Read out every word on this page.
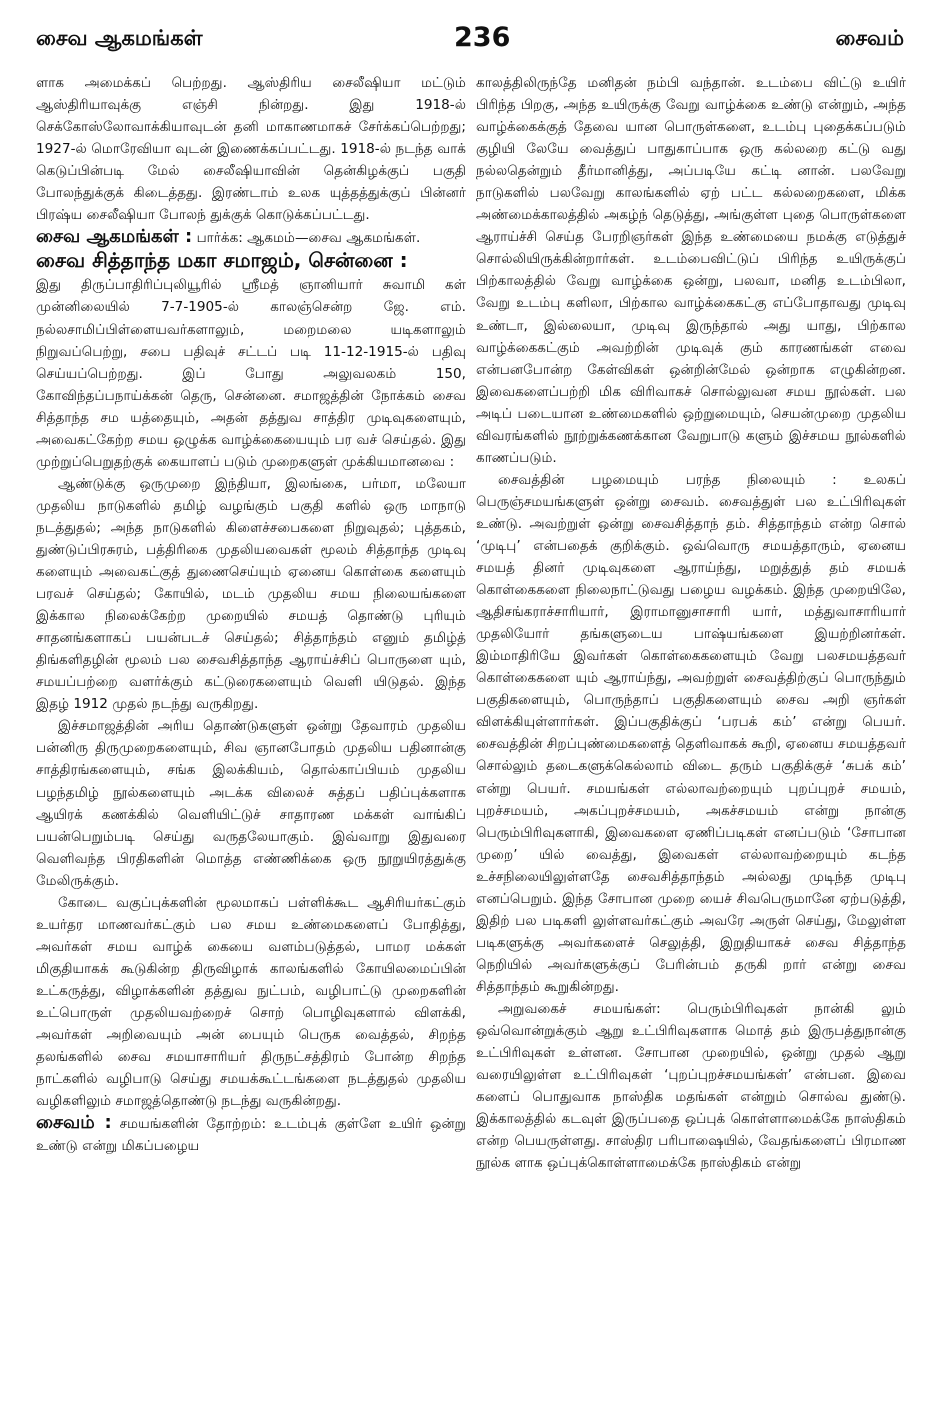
சைவ ஆகமங்கள்	236	சைவம்

ளாக அமைக்கப் பெற்றது. ஆஸ்திரிய சைலீஷியா மட்டும் ஆஸ்திரியாவுக்கு எஞ்சி நின்றது. இது 1918-ல் செக்கோஸ்லோவாக்கியாவுடன் தனி மாகாணமாகச் சேர்க்கப்பெற்றது; 1927-ல் மொரேவியா வுடன் இணைக்கப்பட்டது. 1918-ல் நடந்த வாக் கெடுப்பின்படி மேல் சைலீஷியாவின் தென்கிழக்குப் பகுதி போலந்துக்குக் கிடைத்தது. இரண்டாம் உலக யுத்தத்துக்குப் பின்னர் பிரஷ்ய சைலீஷியா போலந் துக்குக் கொடுக்கப்பட்டது.

சைவ ஆகமங்கள் : பார்க்க: ஆகமம்—சைவ ஆகமங்கள்.

சைவ சித்தாந்த மகா சமாஜம், சென்னை :

இது திருப்பாதிரிப்புலியூரில் ஸ்ரீமத் ஞானியார் சுவாமி கள் முன்னிலையில் 7-7-1905-ல் காலஞ்சென்ற ஜே. எம். நல்லசாமிப்பிள்ளையவர்களாலும், மறைமலை யடிகளாலும் நிறுவப்பெற்று, சபை பதிவுச் சட்டப் படி 11-12-1915-ல் பதிவு செய்யப்பெற்றது. இப் போது அலுவலகம் 150, கோவிந்தப்பநாய்க்கன் தெரு, சென்னை. சமாஜத்தின் நோக்கம் சைவ சித்தாந்த சம யத்தையும், அதன் தத்துவ சாத்திர முடிவுகளையும், அவைகட்கேற்ற சமய ஒழுக்க வாழ்க்கையையும் பர வச் செய்தல். இது முற்றுப்பெறுதற்குக் கையாளப் படும் முறைகளுள் முக்கியமானவை :

ஆண்டுக்கு ஒருமுறை இந்தியா, இலங்கை, பர்மா, மலேயா முதலிய நாடுகளில் தமிழ் வழங்கும் பகுதி களில் ஒரு மாநாடு நடத்துதல்; அந்த நாடுகளில் கிளைச்சபைகளை நிறுவுதல்; புத்தகம், துண்டுப்பிரசுரம், பத்திரிகை முதலியவைகள் மூலம் சித்தாந்த முடிவு களையும் அவைகட்குத் துணைசெய்யும் ஏனைய கொள்கை களையும் பரவச் செய்தல்; கோயில், மடம் முதலிய சமய நிலையங்களை இக்கால நிலைக்கேற்ற முறையில் சமயத் தொண்டு புரியும் சாதனங்களாகப் பயன்படச் செய்தல்; சித்தாந்தம் எனும் தமிழ்த் திங்களிதழின் மூலம் பல சைவசித்தாந்த ஆராய்ச்சிப் பொருளை யும், சமயப்பற்றை வளர்க்கும் கட்டுரைகளையும் வெளி யிடுதல். இந்த இதழ் 1912 முதல் நடந்து வருகிறது.

இச்சமாஜத்தின் அரிய தொண்டுகளுள் ஒன்று தேவாரம் முதலிய பன்னிரு திருமுறைகளையும், சிவ ஞானபோதம் முதலிய பதினான்கு சாத்திரங்களையும், சங்க இலக்கியம், தொல்காப்பியம் முதலிய பழந்தமிழ் நூல்களையும் அடக்க விலைச் சுத்தப் பதிப்புக்களாக ஆயிரக் கணக்கில் வெளியிட்டுச் சாதாரண மக்கள் வாங்கிப் பயன்பெறும்படி செய்து வருதலேயாகும். இவ்வாறு இதுவரை வெளிவந்த பிரதிகளின் மொத்த எண்ணிக்கை ஒரு நூறுயிரத்துக்கு மேலிருக்கும்.

கோடை வகுப்புக்களின் மூலமாகப் பள்ளிக்கூட ஆசிரியர்கட்கும் உயர்தர மாணவர்கட்கும் பல சமய உண்மைகளைப் போதித்து, அவர்கள் சமய வாழ்க் கையை வளம்படுத்தல், பாமர மக்கள் மிகுதியாகக் கூடுகின்ற திருவிழாக் காலங்களில் கோயிலமைப்பின் உட்கருத்து, விழாக்களின் தத்துவ நுட்பம், வழிபாட்டு முறைகளின் உட்பொருள் முதலியவற்றைச் சொற் பொழிவுகளால் விளக்கி, அவர்கள் அறிவையும் அன் பையும் பெருக வைத்தல், சிறந்த தலங்களில் சைவ சமயாசாரியர் திருநட்சத்திரம் போன்ற சிறந்த நாட்களில் வழிபாடு செய்து சமயக்கூட்டங்களை நடத்துதல் முதலிய வழிகளிலும் சமாஜத்தொண்டு நடந்து வருகின்றது.

சைவம் : சமயங்களின் தோற்றம்: உடம்புக் குள்ளே உயிர் ஒன்று உண்டு என்று மிகப்பழைய

காலத்திலிருந்தே மனிதன் நம்பி வந்தான். உடம்பை விட்டு உயிர் பிரிந்த பிறகு, அந்த உயிருக்கு வேறு வாழ்க்கை உண்டு என்றும், அந்த வாழ்க்கைக்குத் தேவை யான பொருள்களை, உடம்பு புதைக்கப்படும் குழியி லேயே வைத்துப் பாதுகாப்பாக ஒரு கல்லறை கட்டு வது நல்லதென்றும் தீர்மானித்து, அப்படியே கட்டி னான். பலவேறு நாடுகளில் பலவேறு காலங்களில் ஏற் பட்ட கல்லறைகளை, மிக்க அண்மைக்காலத்தில் அகழ்ந் தெடுத்து, அங்குள்ள புதை பொருள்களை ஆராய்ச்சி செய்த பேரறிஞர்கள் இந்த உண்மையை நமக்கு எடுத்துச் சொல்லியிருக்கின்றார்கள். உடம்பைவிட்டுப் பிரிந்த உயிருக்குப் பிற்காலத்தில் வேறு வாழ்க்கை ஒன்று, பலவா, மனித உடம்பிலா, வேறு உடம்பு களிலா, பிற்கால வாழ்க்கைகட்கு எப்போதாவது முடிவு உண்டா, இல்லையா, முடிவு இருந்தால் அது யாது, பிற்கால வாழ்க்கைகட்கும் அவற்றின் முடிவுக் கும் காரணங்கள் எவை என்பனபோன்ற கேள்விகள் ஒன்றின்மேல் ஒன்றாக எழுகின்றன. இவைகளைப்பற்றி மிக விரிவாகச் சொல்லுவன சமய நூல்கள். பல அடிப் படையான உண்மைகளில் ஒற்றுமையும், செயன்முறை முதலிய விவரங்களில் நூற்றுக்கணக்கான வேறுபாடு களும் இச்சமய நூல்களில் காணப்படும்.

சைவத்தின் பழமையும் பரந்த நிலையும் : உலகப் பெருஞ்சமயங்களுள் ஒன்று சைவம். சைவத்துள் பல உட்பிரிவுகள் உண்டு. அவற்றுள் ஒன்று சைவசித்தாந் தம். சித்தாந்தம் என்ற சொல் ‘முடிபு’ என்பதைக் குறிக்கும். ஒவ்வொரு சமயத்தாரும், ஏனைய சமயத் தினர் முடிவுகளை ஆராய்ந்து, மறுத்துத் தம் சமயக் கொள்கைகளை நிலைநாட்டுவது பழைய வழக்கம். இந்த முறையிலே, ஆதிசங்கராச்சாரியார், இராமானுசாசாரி யார், மத்துவாசாரியார் முதலியோர் தங்களுடைய பாஷ்யங்களை இயற்றினர்கள். இம்மாதிரியே இவர்கள் கொள்கைகளையும் வேறு பலசமயத்தவர் கொள்கைகளை யும் ஆராய்ந்து, அவற்றுள் சைவத்திற்குப் பொருந்தும் பகுதிகளையும், பொருந்தாப் பகுதிகளையும் சைவ அறி ஞர்கள் விளக்கியுள்ளார்கள். இப்பகுதிக்குப் ‘பரபக் கம்’ என்று பெயர். சைவத்தின் சிறப்புண்மைகளைத் தெளிவாகக் கூறி, ஏனைய சமயத்தவர் சொல்லும் தடைகளுக்கெல்லாம் விடை தரும் பகுதிக்குச் ‘சுபக் கம்’ என்று பெயர். சமயங்கள் எல்லாவற்றையும் புறப்புறச் சமயம், புறச்சமயம், அகப்புறச்சமயம், அகச்சமயம் என்று நான்கு பெரும்பிரிவுகளாகி, இவைகளை ஏணிப்படிகள் எனப்படும் ‘சோபான முறை’ யில் வைத்து, இவைகள் எல்லாவற்றையும் கடந்த உச்சநிலையிலுள்ளதே சைவசித்தாந்தம் அல்லது முடிந்த முடிபு எனப்பெறும். இந்த சோபான முறை யைச் சிவபெருமானே ஏற்படுத்தி, இதிற் பல படிகளி லுள்ளவர்கட்கும் அவரே அருள் செய்து, மேலுள்ள படிகளுக்கு அவர்களைச் செலுத்தி, இறுதியாகச் சைவ சித்தாந்த நெறியில் அவர்களுக்குப் பேரின்பம் தருகி றார் என்று சைவ சித்தாந்தம் கூறுகின்றது.

அறுவகைச் சமயங்கள்: பெரும்பிரிவுகள் நான்கி லும் ஒவ்வொன்றுக்கும் ஆறு உட்பிரிவுகளாக மொத் தம் இருபத்துநான்கு உட்பிரிவுகள் உள்ளன. சோபான முறையில், ஒன்று முதல் ஆறு வரையிலுள்ள உட்பிரிவுகள் ‘புறப்புறச்சமயங்கள்’ என்பன. இவை களைப் பொதுவாக நாஸ்திக மதங்கள் என்றும் சொல்வ துண்டு. இக்காலத்தில் கடவுள் இருப்பதை ஒப்புக் கொள்ளாமைக்கே நாஸ்திகம் என்ற பெயருள்ளது. சாஸ்திர பரிபாஷையில், வேதங்களைப் பிரமாண நூல்க ளாக ஒப்புக்கொள்ளாமைக்கே நாஸ்திகம் என்று
